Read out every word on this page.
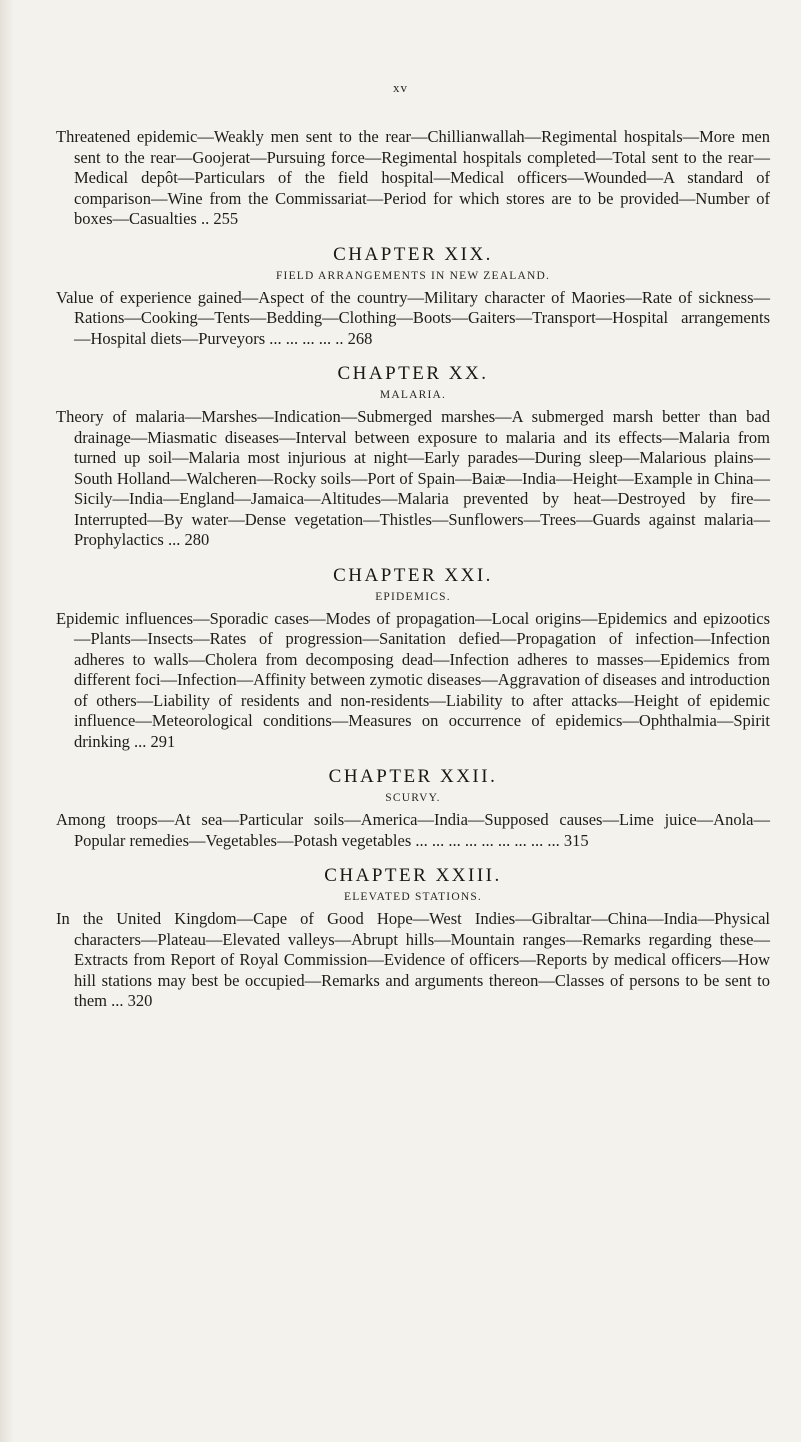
xv

Threatened epidemic—Weakly men sent to the rear—Chillianwallah—Regimental hospitals—More men sent to the rear—Goojerat—Pursuing force—Regimental hospitals completed—Total sent to the rear—Medical depôt—Particulars of the field hospital—Medical officers—Wounded—A standard of comparison—Wine from the Commissariat—Period for which stores are to be provided—Number of boxes—Casualties .. 255

CHAPTER XIX.
FIELD ARRANGEMENTS IN NEW ZEALAND.

Value of experience gained—Aspect of the country—Military character of Maories—Rate of sickness—Rations—Cooking—Tents—Bedding—Clothing—Boots—Gaiters—Transport—Hospital arrangements—Hospital diets—Purveyors ... ... ... ... .. 268

CHAPTER XX.
MALARIA.

Theory of malaria—Marshes—Indication—Submerged marshes—A submerged marsh better than bad drainage—Miasmatic diseases—Interval between exposure to malaria and its effects—Malaria from turned up soil—Malaria most injurious at night—Early parades—During sleep—Malarious plains—South Holland—Walcheren—Rocky soils—Port of Spain—Baiæ—India—Height—Example in China—Sicily—India—England—Jamaica—Altitudes—Malaria prevented by heat—Destroyed by fire—Interrupted—By water—Dense vegetation—Thistles—Sunflowers—Trees—Guards against malaria—Prophylactics ... 280

CHAPTER XXI.
EPIDEMICS.

Epidemic influences—Sporadic cases—Modes of propagation—Local origins—Epidemics and epizootics—Plants—Insects—Rates of progression—Sanitation defied—Propagation of infection—Infection adheres to walls—Cholera from decomposing dead—Infection adheres to masses—Epidemics from different foci—Infection—Affinity between zymotic diseases—Aggravation of diseases and introduction of others—Liability of residents and non-residents—Liability to after attacks—Height of epidemic influence—Meteorological conditions—Measures on occurrence of epidemics—Ophthalmia—Spirit drinking ... 291

CHAPTER XXII.
SCURVY.

Among troops—At sea—Particular soils—America—India—Supposed causes—Lime juice—Anola—Popular remedies—Vegetables—Potash vegetables ... ... ... ... ... ... ... ... ... 315

CHAPTER XXIII.
ELEVATED STATIONS.

In the United Kingdom—Cape of Good Hope—West Indies—Gibraltar—China—India—Physical characters—Plateau—Elevated valleys—Abrupt hills—Mountain ranges—Remarks regarding these—Extracts from Report of Royal Commission—Evidence of officers—Reports by medical officers—How hill stations may best be occupied—Remarks and arguments thereon—Classes of persons to be sent to them ... 320
